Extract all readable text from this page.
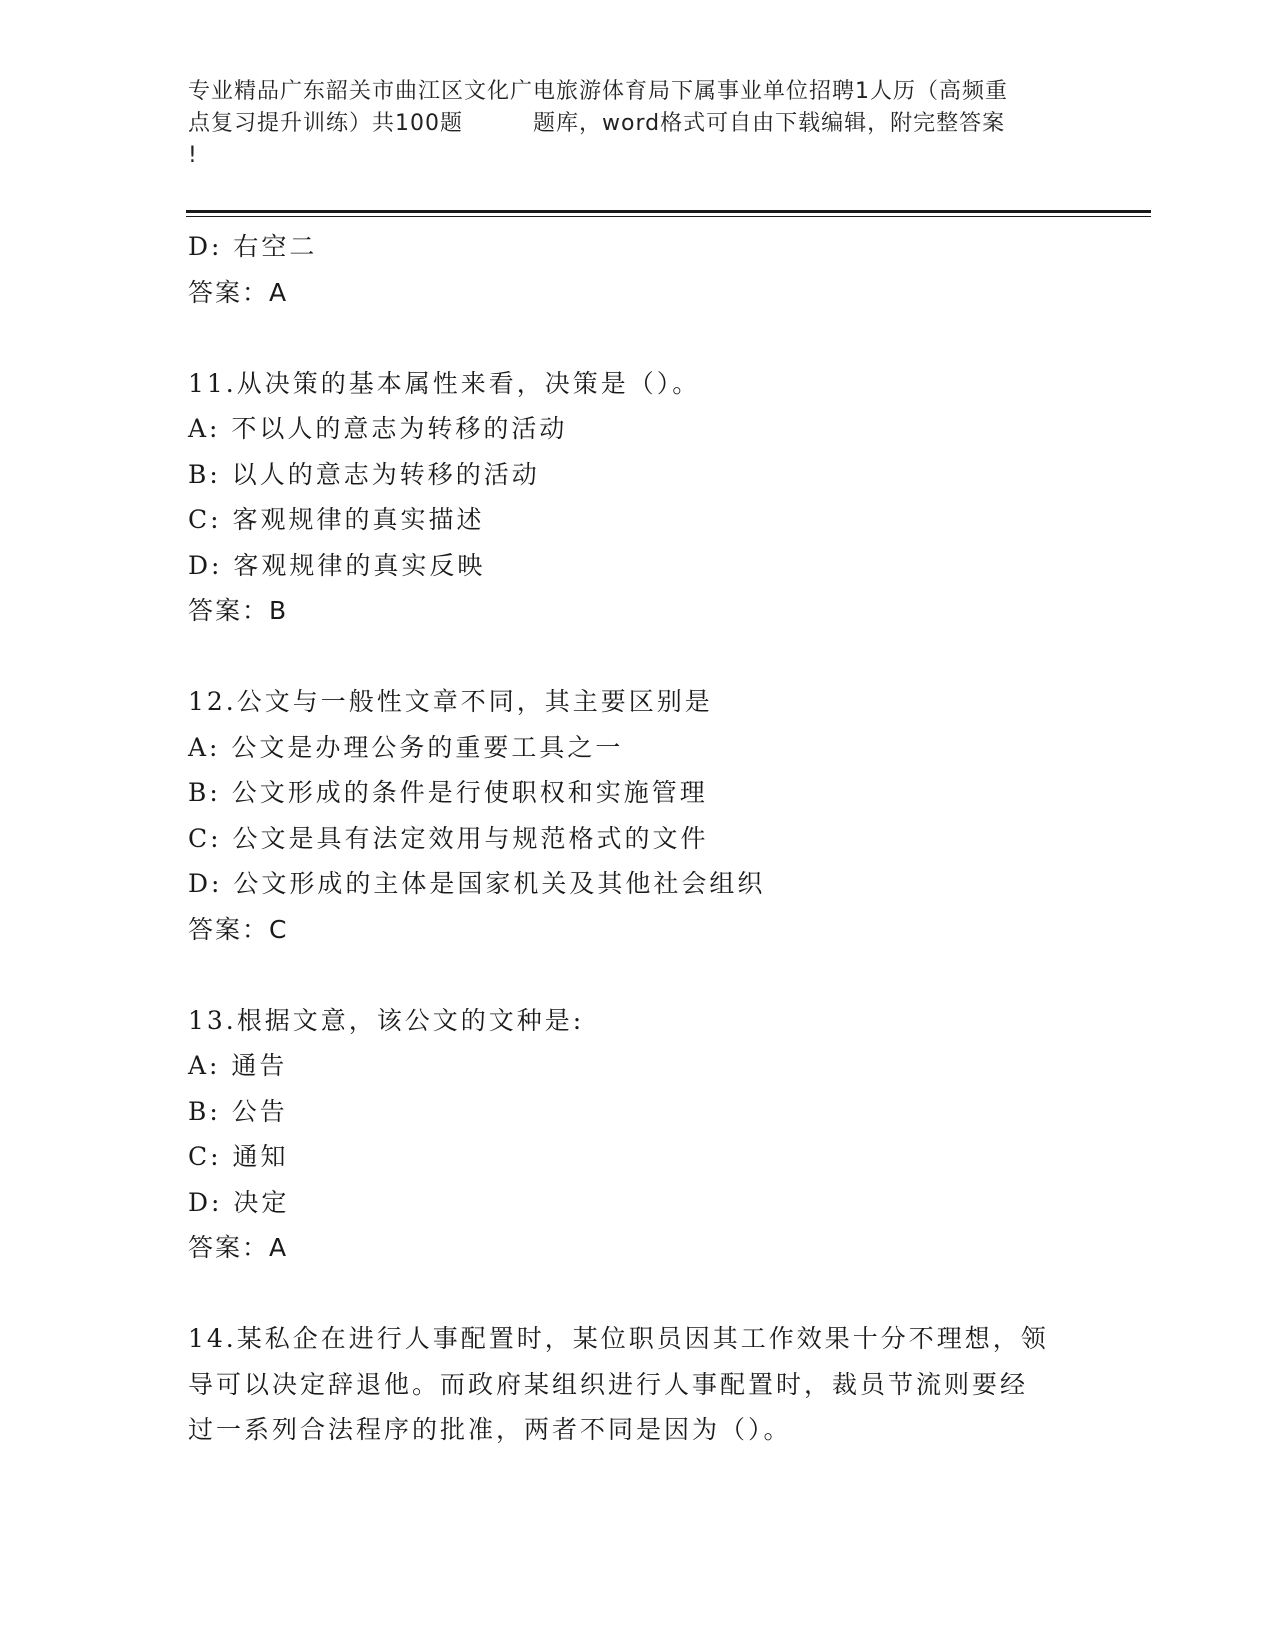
专业精品广东韶关市曲江区文化广电旅游体育局下属事业单位招聘1人历（高频重
点复习提升训练）共100题	题库，word格式可自由下载编辑，附完整答案
!
D: 右空二
答案：A
11.从决策的基本属性来看，决策是（）。
A: 不以人的意志为转移的活动
B: 以人的意志为转移的活动
C: 客观规律的真实描述
D: 客观规律的真实反映
答案：B
12.公文与一般性文章不同，其主要区别是
A: 公文是办理公务的重要工具之一
B: 公文形成的条件是行使职权和实施管理
C: 公文是具有法定效用与规范格式的文件
D: 公文形成的主体是国家机关及其他社会组织
答案：C
13.根据文意，该公文的文种是:
A: 通告
B: 公告
C: 通知
D: 决定
答案：A
14.某私企在进行人事配置时，某位职员因其工作效果十分不理想，领
导可以决定辞退他。而政府某组织进行人事配置时，裁员节流则要经
过一系列合法程序的批准，两者不同是因为（）。
